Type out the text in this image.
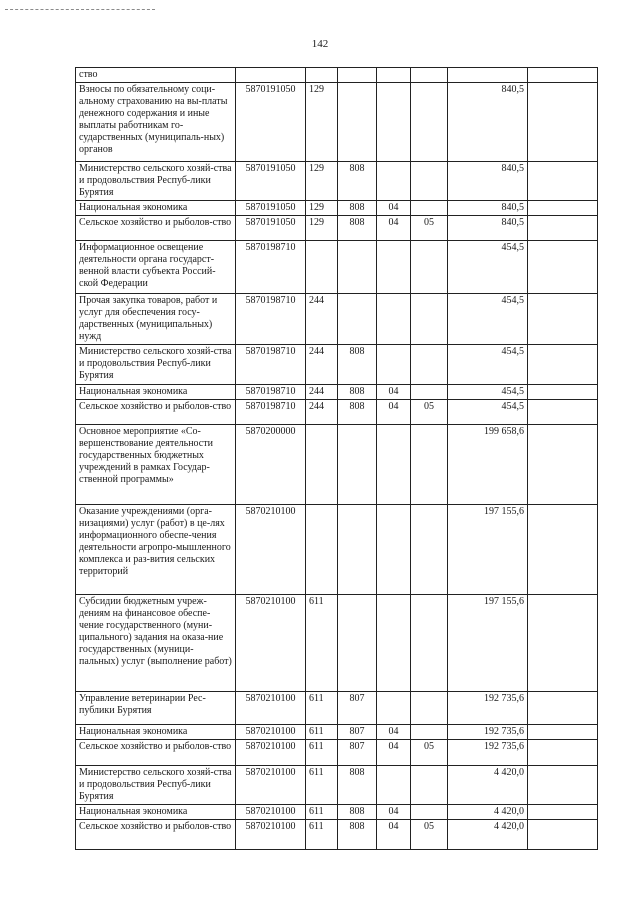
142
ство							
Взносы по обязательному соци-альному страхованию на вы-платы денежного содержания и иные выплаты работникам го-сударственных (муниципаль-ных) органов	5870191050	129				840,5	
Министерство сельского хозяй-ства и продовольствия Респуб-лики Бурятия	5870191050	129	808			840,5	
Национальная экономика	5870191050	129	808	04		840,5	
Сельское хозяйство и рыболов-ство	5870191050	129	808	04	05	840,5	
Информационное освещение деятельности органа государст-венной власти субъекта Россий-ской Федерации	5870198710					454,5	
Прочая закупка товаров, работ и услуг для обеспечения госу-дарственных (муниципальных) нужд	5870198710	244				454,5	
Министерство сельского хозяй-ства и продовольствия Респуб-лики Бурятия	5870198710	244	808			454,5	
Национальная экономика	5870198710	244	808	04		454,5	
Сельское хозяйство и рыболов-ство	5870198710	244	808	04	05	454,5	
Основное мероприятие «Со-вершенствование деятельности государственных бюджетных учреждений в рамках Государ-ственной программы»	5870200000					199 658,6	
Оказание учреждениями (орга-низациями) услуг (работ) в це-лях информационного обеспе-чения деятельности агропро-мышленного комплекса и раз-вития сельских территорий	5870210100					197 155,6	
Субсидии бюджетным учреж-дениям на финансовое обеспе-чение государственного (муни-ципального) задания на оказа-ние государственных (муници-пальных) услуг (выполнение работ)	5870210100	611				197 155,6	
Управление ветеринарии Рес-публики Бурятия	5870210100	611	807			192 735,6	
Национальная экономика	5870210100	611	807	04		192 735,6	
Сельское хозяйство и рыболов-ство	5870210100	611	807	04	05	192 735,6	
Министерство сельского хозяй-ства и продовольствия Респуб-лики Бурятия	5870210100	611	808			4 420,0	
Национальная экономика	5870210100	611	808	04		4 420,0	
Сельское хозяйство и рыболов-ство	5870210100	611	808	04	05	4 420,0	
